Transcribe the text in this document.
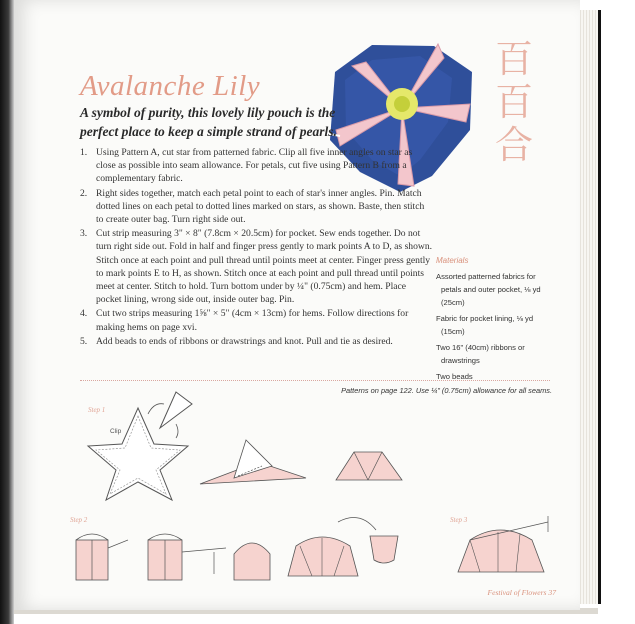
百
百
合
Avalanche Lily
A symbol of purity, this lovely lily pouch is the perfect place to keep a simple strand of pearls.
1. Using Pattern A, cut star from patterned fabric. Clip all five inner angles on star as close as possible into seam allowance. For petals, cut five using Pattern B from a complementary fabric.
2. Right sides together, match each petal point to each of star's inner angles. Pin. Match dotted lines on each petal to dotted lines marked on stars, as shown. Baste, then stitch to create outer bag. Turn right side out.
3. Cut strip measuring 3" × 8" (7.8cm × 20.5cm) for pocket. Sew ends together. Do not turn right side out. Fold in half and finger press gently to mark points A to D, as shown. Stitch once at each point and pull thread until points meet at center. Finger press gently to mark points E to H, as shown. Stitch once at each point and pull thread until points meet at center. Stitch to hold. Turn bottom under by ¼" (0.75cm) and hem. Place pocket lining, wrong side out, inside outer bag. Pin.
4. Cut two strips measuring 1⅝" × 5" (4cm × 13cm) for hems. Follow directions for making hems on page xvi.
5. Add beads to ends of ribbons or drawstrings and knot. Pull and tie as desired.
Materials
Assorted patterned fabrics for petals and outer pocket, ⅛ yd (25cm)
Fabric for pocket lining, ⅛ yd (15cm)
Two 16" (40cm) ribbons or drawstrings
Two beads
Patterns on page 122. Use ¼" (0.75cm) allowance for all seams.
Step 1
Clip
Step 2	Step 3
Festival of Flowers 37
